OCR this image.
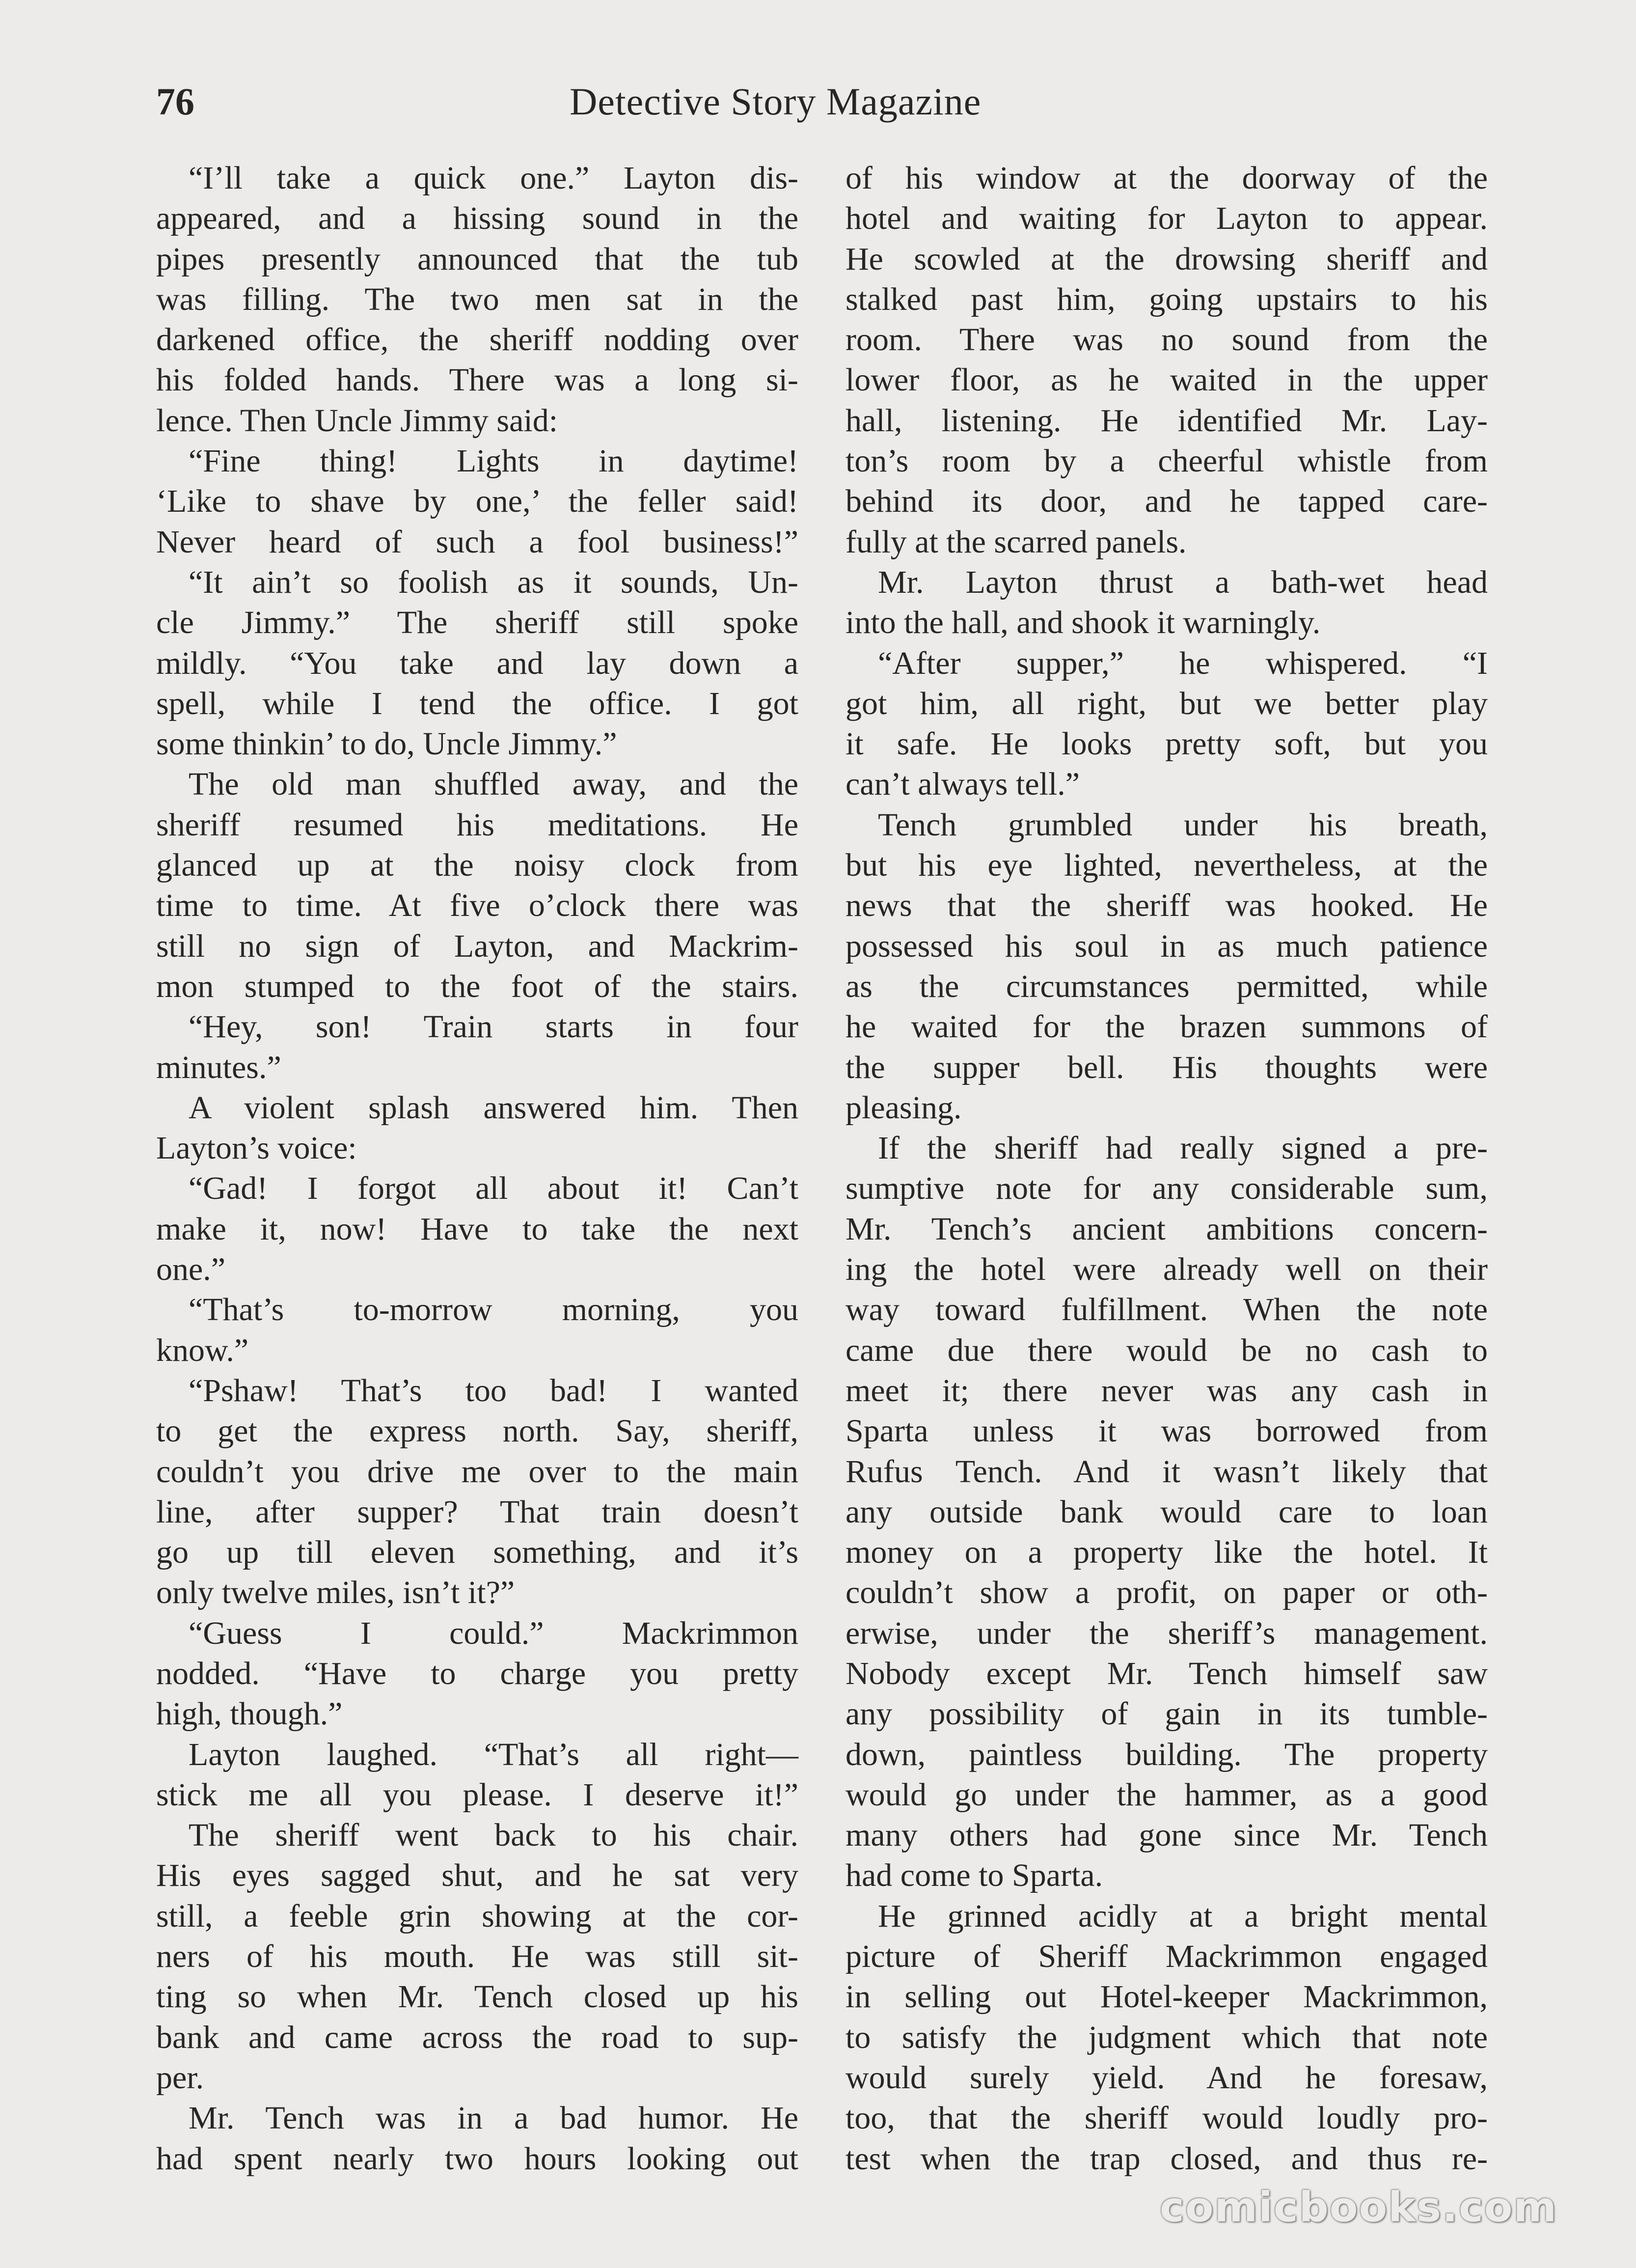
76	Detective Story Magazine
“I’ll take a quick one.” Layton dis-
appeared, and a hissing sound in the
pipes presently announced that the tub
was filling. The two men sat in the
darkened office, the sheriff nodding over
his folded hands. There was a long si-
lence. Then Uncle Jimmy said:
“Fine thing! Lights in daytime!
‘Like to shave by one,’ the feller said!
Never heard of such a fool business!”
“It ain’t so foolish as it sounds, Un-
cle Jimmy.” The sheriff still spoke
mildly. “You take and lay down a
spell, while I tend the office. I got
some thinkin’ to do, Uncle Jimmy.”
The old man shuffled away, and the
sheriff resumed his meditations. He
glanced up at the noisy clock from
time to time. At five o’clock there was
still no sign of Layton, and Mackrim-
mon stumped to the foot of the stairs.
“Hey, son! Train starts in four
minutes.”
A violent splash answered him. Then
Layton’s voice:
“Gad! I forgot all about it! Can’t
make it, now! Have to take the next
one.”
“That’s to-morrow morning, you
know.”
“Pshaw! That’s too bad! I wanted
to get the express north. Say, sheriff,
couldn’t you drive me over to the main
line, after supper? That train doesn’t
go up till eleven something, and it’s
only twelve miles, isn’t it?”
“Guess I could.” Mackrimmon
nodded. “Have to charge you pretty
high, though.”
Layton laughed. “That’s all right—
stick me all you please. I deserve it!”
The sheriff went back to his chair.
His eyes sagged shut, and he sat very
still, a feeble grin showing at the cor-
ners of his mouth. He was still sit-
ting so when Mr. Tench closed up his
bank and came across the road to sup-
per.
Mr. Tench was in a bad humor. He
had spent nearly two hours looking out
of his window at the doorway of the
hotel and waiting for Layton to appear.
He scowled at the drowsing sheriff and
stalked past him, going upstairs to his
room. There was no sound from the
lower floor, as he waited in the upper
hall, listening. He identified Mr. Lay-
ton’s room by a cheerful whistle from
behind its door, and he tapped care-
fully at the scarred panels.
Mr. Layton thrust a bath-wet head
into the hall, and shook it warningly.
“After supper,” he whispered. “I
got him, all right, but we better play
it safe. He looks pretty soft, but you
can’t always tell.”
Tench grumbled under his breath,
but his eye lighted, nevertheless, at the
news that the sheriff was hooked. He
possessed his soul in as much patience
as the circumstances permitted, while
he waited for the brazen summons of
the supper bell. His thoughts were
pleasing.
If the sheriff had really signed a pre-
sumptive note for any considerable sum,
Mr. Tench’s ancient ambitions concern-
ing the hotel were already well on their
way toward fulfillment. When the note
came due there would be no cash to
meet it; there never was any cash in
Sparta unless it was borrowed from
Rufus Tench. And it wasn’t likely that
any outside bank would care to loan
money on a property like the hotel. It
couldn’t show a profit, on paper or oth-
erwise, under the sheriff’s management.
Nobody except Mr. Tench himself saw
any possibility of gain in its tumble-
down, paintless building. The property
would go under the hammer, as a good
many others had gone since Mr. Tench
had come to Sparta.
He grinned acidly at a bright mental
picture of Sheriff Mackrimmon engaged
in selling out Hotel-keeper Mackrimmon,
to satisfy the judgment which that note
would surely yield. And he foresaw,
too, that the sheriff would loudly pro-
test when the trap closed, and thus re-
comicbooks.com
